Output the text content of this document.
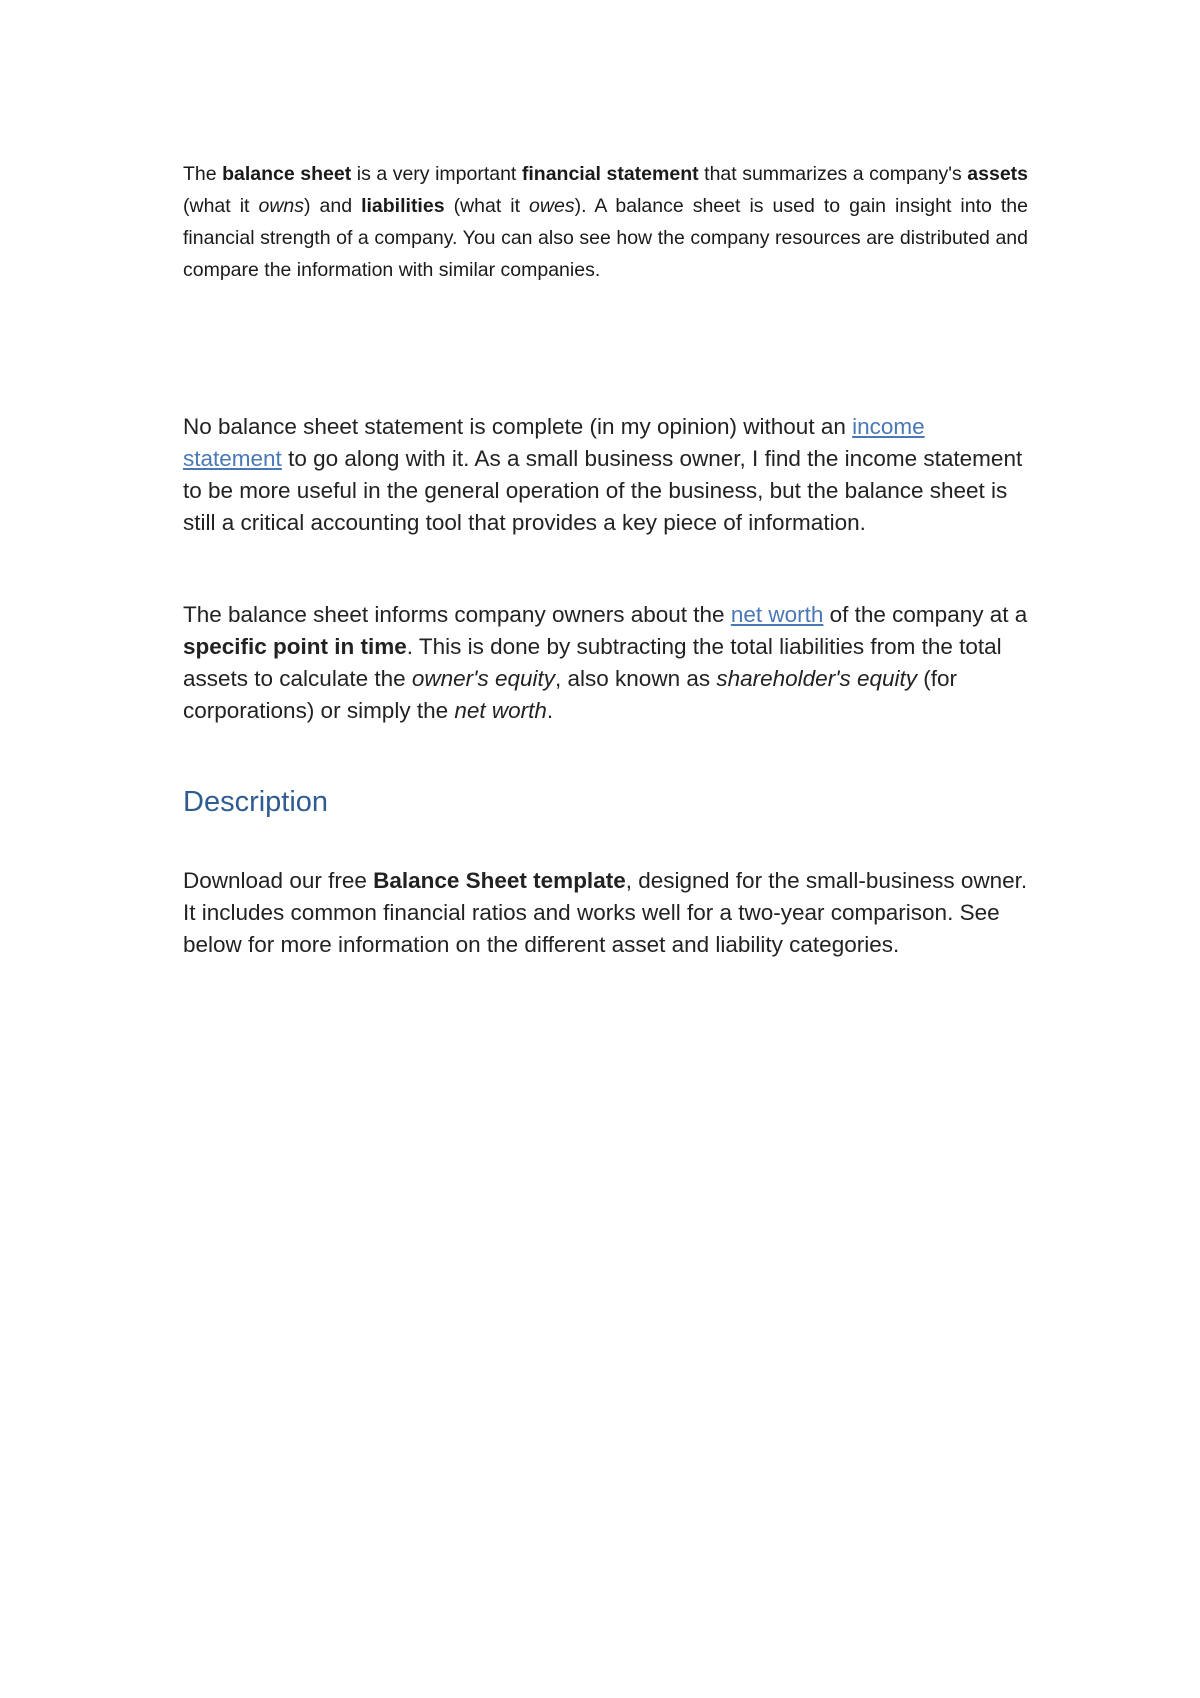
The balance sheet is a very important financial statement that summarizes a company's assets (what it owns) and liabilities (what it owes). A balance sheet is used to gain insight into the financial strength of a company. You can also see how the company resources are distributed and compare the information with similar companies.

No balance sheet statement is complete (in my opinion) without an income statement to go along with it. As a small business owner, I find the income statement to be more useful in the general operation of the business, but the balance sheet is still a critical accounting tool that provides a key piece of information.

The balance sheet informs company owners about the net worth of the company at a specific point in time. This is done by subtracting the total liabilities from the total assets to calculate the owner's equity, also known as shareholder's equity (for corporations) or simply the net worth.

Description

Download our free Balance Sheet template, designed for the small-business owner. It includes common financial ratios and works well for a two-year comparison. See below for more information on the different asset and liability categories.
